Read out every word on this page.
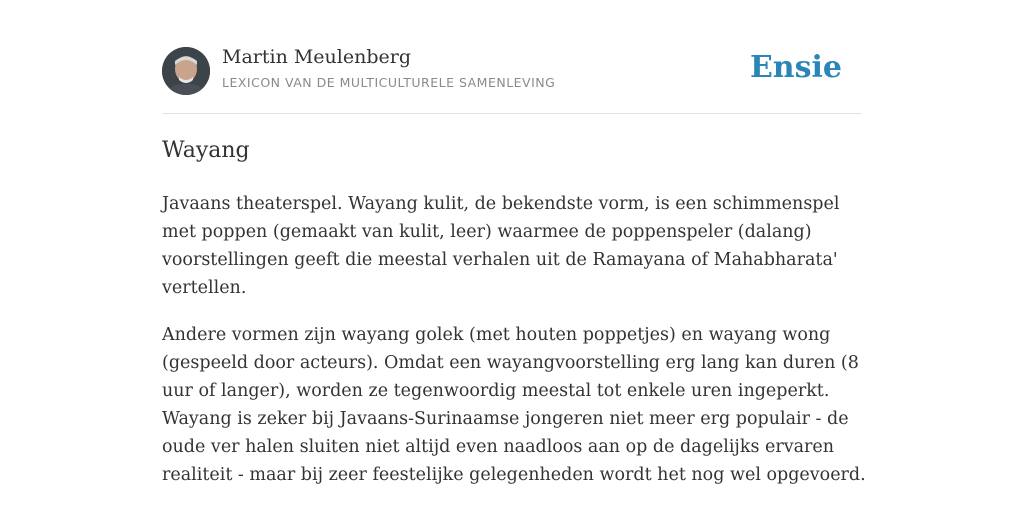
Martin Meulenberg
LEXICON VAN DE MULTICULTURELE SAMENLEVING	Ensie
Wayang

Javaans theaterspel. Wayang kulit, de bekendste vorm, is een schimmenspel met poppen (gemaakt van kulit, leer) waarmee de poppenspeler (dalang) voorstellingen geeft die meestal verhalen uit de Ramayana of Mahabharata' vertellen.

Andere vormen zijn wayang golek (met houten poppetjes) en wayang wong (gespeeld door acteurs). Omdat een wayangvoorstelling erg lang kan duren (8 uur of langer), worden ze tegenwoordig meestal tot enkele uren ingeperkt. Wayang is zeker bij Javaans-Surinaamse jongeren niet meer erg populair - de oude ver halen sluiten niet altijd even naadloos aan op de dagelijks ervaren realiteit - maar bij zeer feestelijke gelegenheden wordt het nog wel opgevoerd.
